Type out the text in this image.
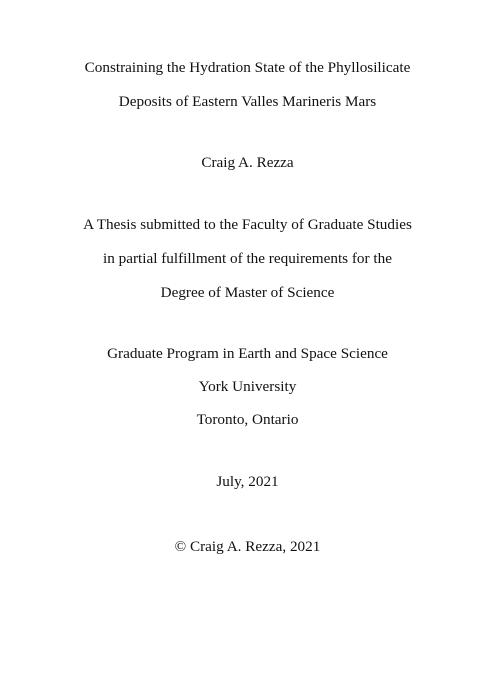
Constraining the Hydration State of the Phyllosilicate
Deposits of Eastern Valles Marineris Mars
Craig A. Rezza
A Thesis submitted to the Faculty of Graduate Studies
in partial fulfillment of the requirements for the
Degree of Master of Science
Graduate Program in Earth and Space Science
York University
Toronto, Ontario
July, 2021
© Craig A. Rezza, 2021
